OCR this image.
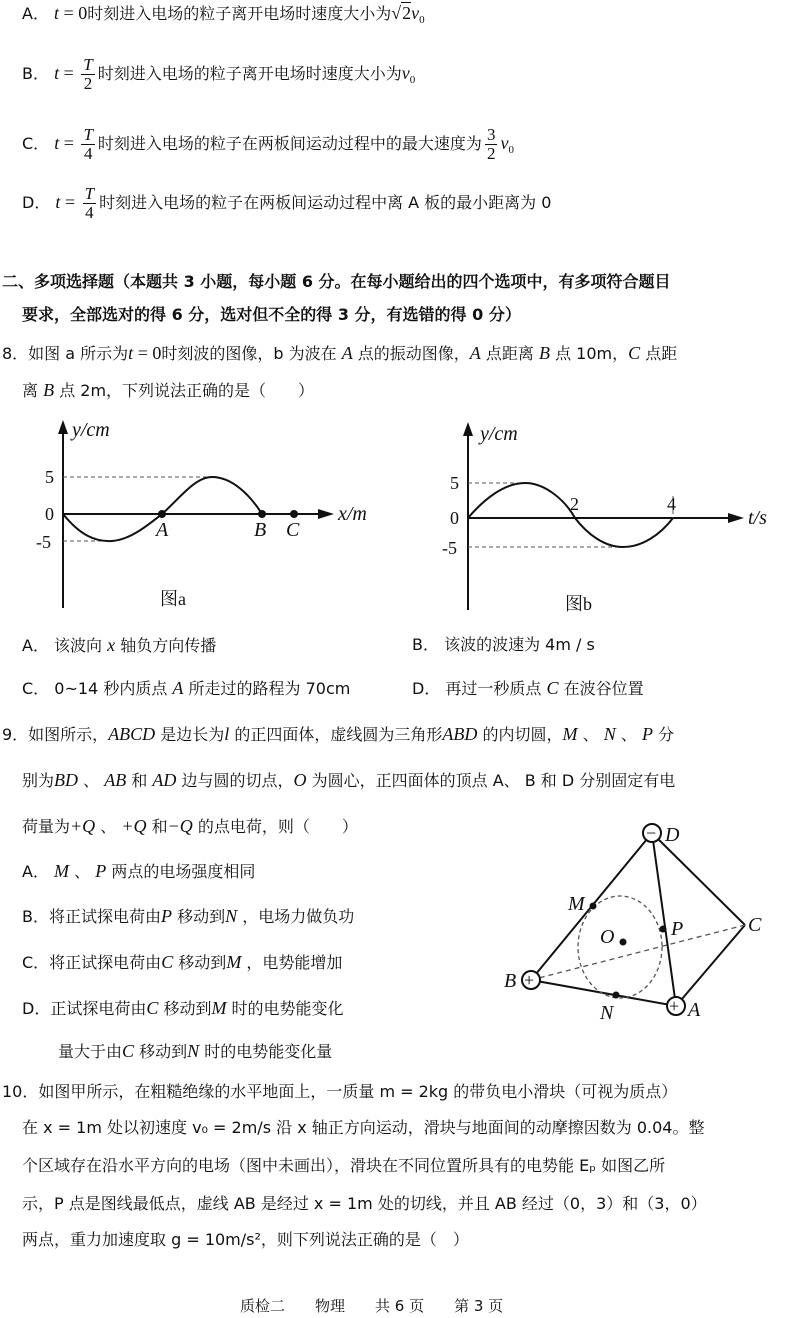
A． t = 0时刻进入电场的粒子离开电场时速度大小为$√2v_0$
B． $t = \frac{T}{2}$ 时刻进入电场的粒子离开电场时速度大小为$v_0$
C． $t = \frac{T}{4}$ 时刻进入电场的粒子在两板间运动过程中的最大速度为 $\frac{3}{2} v_0$
D． $t = \frac{T}{4}$ 时刻进入电场的粒子在两板间运动过程中离 A 板的最小距离为 0
二、多项选择题（本题共 3 小题，每小题 6 分。在每小题给出的四个选项中，有多项符合题目
要求，全部选对的得 6 分，选对但不全的得 3 分，有选错的得 0 分）
8．如图 a 所示为t = 0时刻波的图像，b 为波在 A 点的振动图像，A 点距离 B 点 10m，C 点距
离 B 点 2m，下列说法正确的是（　　）
y/cm
x/m
5
0
-5
A	B C
图a
y/cm
t/s
5
0
-5
2	4
图b
A． 该波向 x 轴负方向传播	B． 该波的波速为 4m / s
C． 0~14 秒内质点 A 所走过的路程为 70cm	D． 再过一秒质点 C 在波谷位置
9．如图所示，ABCD 是边长为l 的正四面体，虚线圆为三角形ABD 的内切圆，M 、 N 、 P 分
别为BD 、 AB 和 AD 边与圆的切点，O 为圆心，正四面体的顶点 A、 B 和 D 分别固定有电
荷量为+Q 、 +Q 和−Q 的点电荷，则（　　）
A． M 、 P 两点的电场强度相同
B．将正试探电荷由P 移动到N ，电场力做负功
C．将正试探电荷由C 移动到M ，电势能增加
D．正试探电荷由C 移动到M 时的电势能变化
量大于由C 移动到N 时的电势能变化量
−
+
+
D
M
O	P	C
B
N	A
10．如图甲所示，在粗糙绝缘的水平地面上，一质量 m = 2kg 的带负电小滑块（可视为质点）
在 x = 1m 处以初速度 v₀ = 2m/s 沿 x 轴正方向运动，滑块与地面间的动摩擦因数为 0.04。整
个区域存在沿水平方向的电场（图中未画出），滑块在不同位置所具有的电势能 Eₚ 如图乙所
示，P 点是图线最低点，虚线 AB 是经过 x = 1m 处的切线，并且 AB 经过（0，3）和（3，0）
两点，重力加速度取 g = 10m/s²，则下列说法正确的是（　）
质检二　　物理　　共 6 页　　第 3 页
